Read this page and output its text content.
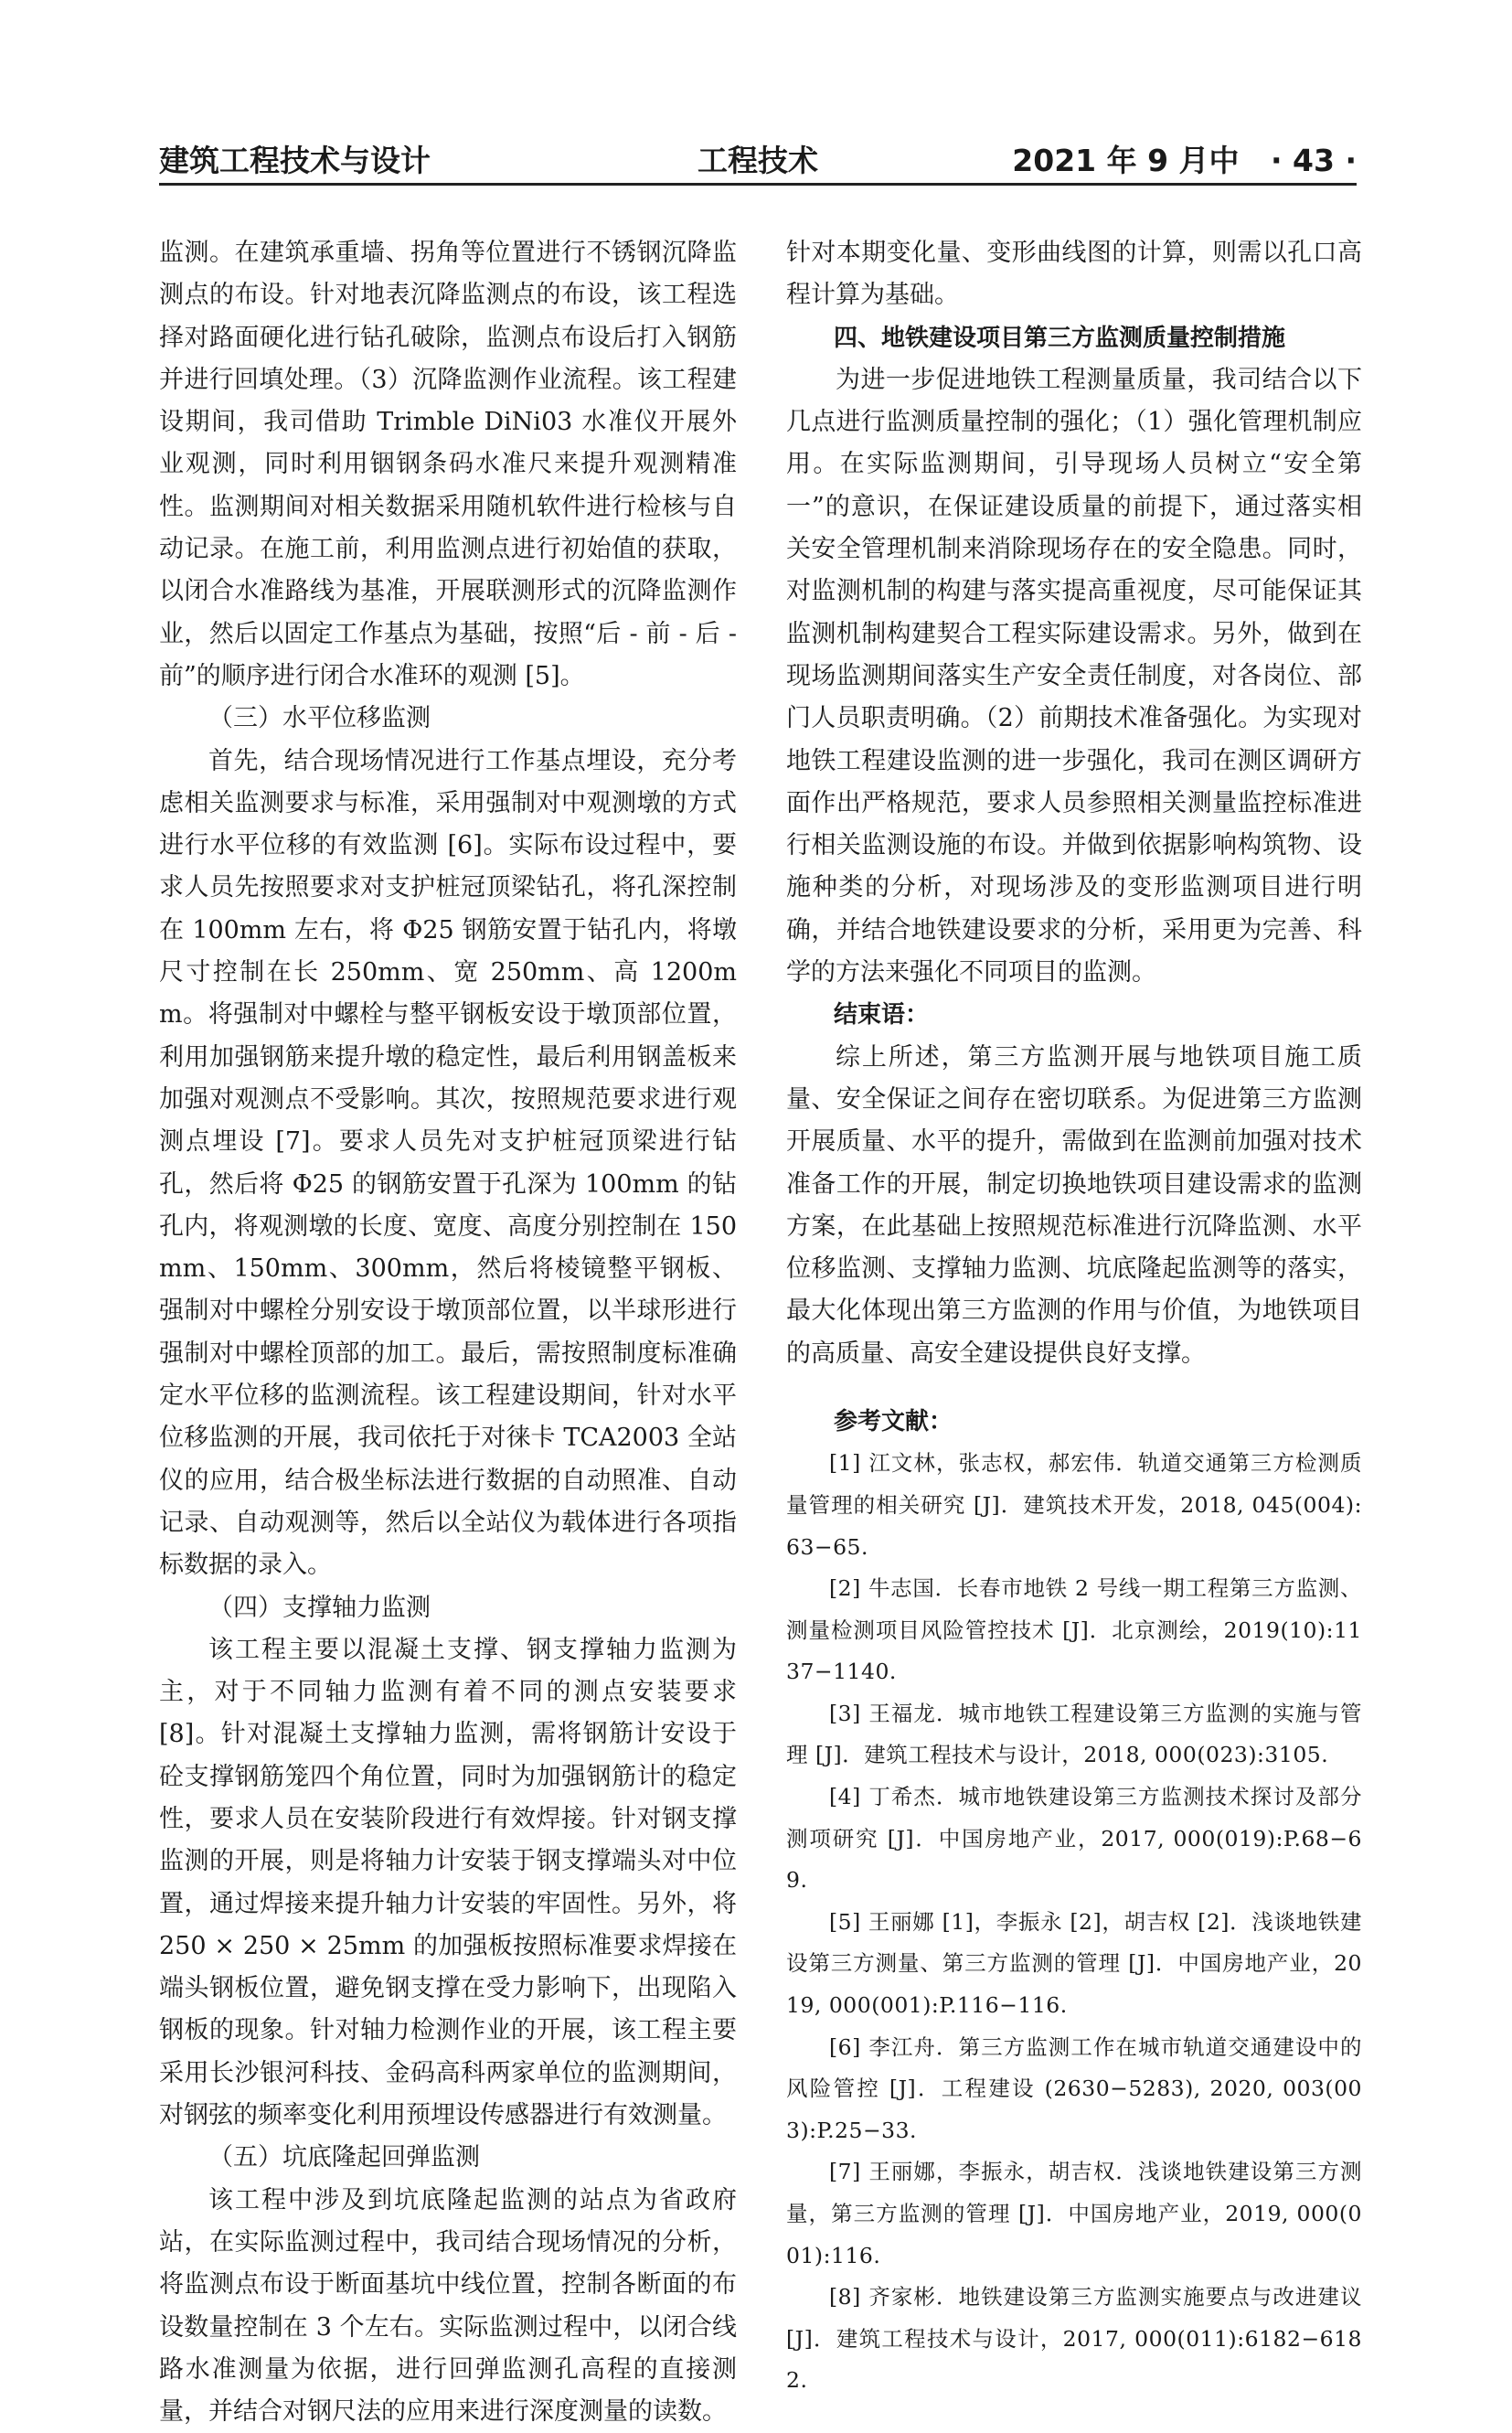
建筑工程技术与设计	工程技术	2021 年 9 月中 · 43 ·

监测。在建筑承重墙、拐角等位置进行不锈钢沉降监测点的布设。针对地表沉降监测点的布设，该工程选择对路面硬化进行钻孔破除，监测点布设后打入钢筋并进行回填处理。（3）沉降监测作业流程。该工程建设期间，我司借助 Trimble DiNi03 水准仪开展外业观测，同时利用铟钢条码水准尺来提升观测精准性。监测期间对相关数据采用随机软件进行检核与自动记录。在施工前，利用监测点进行初始值的获取，以闭合水准路线为基准，开展联测形式的沉降监测作业，然后以固定工作基点为基础，按照“后 - 前 - 后 - 前”的顺序进行闭合水准环的观测 [5]。

（三）水平位移监测

首先，结合现场情况进行工作基点埋设，充分考虑相关监测要求与标准，采用强制对中观测墩的方式进行水平位移的有效监测 [6]。实际布设过程中，要求人员先按照要求对支护桩冠顶梁钻孔，将孔深控制在 100mm 左右，将 Φ25 钢筋安置于钻孔内，将墩尺寸控制在长 250mm、宽 250mm、高 1200mm。将强制对中螺栓与整平钢板安设于墩顶部位置，利用加强钢筋来提升墩的稳定性，最后利用钢盖板来加强对观测点不受影响。其次，按照规范要求进行观测点埋设 [7]。要求人员先对支护桩冠顶梁进行钻孔，然后将 Φ25 的钢筋安置于孔深为 100mm 的钻孔内，将观测墩的长度、宽度、高度分别控制在 150mm、150mm、300mm，然后将棱镜整平钢板、强制对中螺栓分别安设于墩顶部位置，以半球形进行强制对中螺栓顶部的加工。最后，需按照制度标准确定水平位移的监测流程。该工程建设期间，针对水平位移监测的开展，我司依托于对徕卡 TCA2003 全站仪的应用，结合极坐标法进行数据的自动照准、自动记录、自动观测等，然后以全站仪为载体进行各项指标数据的录入。

（四）支撑轴力监测

该工程主要以混凝土支撑、钢支撑轴力监测为主，对于不同轴力监测有着不同的测点安装要求 [8]。针对混凝土支撑轴力监测，需将钢筋计安设于砼支撑钢筋笼四个角位置，同时为加强钢筋计的稳定性，要求人员在安装阶段进行有效焊接。针对钢支撑监测的开展，则是将轴力计安装于钢支撑端头对中位置，通过焊接来提升轴力计安装的牢固性。另外，将 250 × 250 × 25mm 的加强板按照标准要求焊接在端头钢板位置，避免钢支撑在受力影响下，出现陷入钢板的现象。针对轴力检测作业的开展，该工程主要采用长沙银河科技、金码高科两家单位的监测期间，对钢弦的频率变化利用预埋设传感器进行有效测量。

（五）坑底隆起回弹监测

该工程中涉及到坑底隆起监测的站点为省政府站，在实际监测过程中，我司结合现场情况的分析，将监测点布设于断面基坑中线位置，控制各断面的布设数量控制在 3 个左右。实际监测过程中，以闭合线路水准测量为依据，进行回弹监测孔高程的直接测量，并结合对钢尺法的应用来进行深度测量的读数。

针对本期变化量、变形曲线图的计算，则需以孔口高程计算为基础。

四、地铁建设项目第三方监测质量控制措施

为进一步促进地铁工程测量质量，我司结合以下几点进行监测质量控制的强化；（1）强化管理机制应用。在实际监测期间，引导现场人员树立“安全第一”的意识，在保证建设质量的前提下，通过落实相关安全管理机制来消除现场存在的安全隐患。同时，对监测机制的构建与落实提高重视度，尽可能保证其监测机制构建契合工程实际建设需求。另外，做到在现场监测期间落实生产安全责任制度，对各岗位、部门人员职责明确。（2）前期技术准备强化。为实现对地铁工程建设监测的进一步强化，我司在测区调研方面作出严格规范，要求人员参照相关测量监控标准进行相关监测设施的布设。并做到依据影响构筑物、设施种类的分析，对现场涉及的变形监测项目进行明确，并结合地铁建设要求的分析，采用更为完善、科学的方法来强化不同项目的监测。

结束语：

综上所述，第三方监测开展与地铁项目施工质量、安全保证之间存在密切联系。为促进第三方监测开展质量、水平的提升，需做到在监测前加强对技术准备工作的开展，制定切换地铁项目建设需求的监测方案，在此基础上按照规范标准进行沉降监测、水平位移监测、支撑轴力监测、坑底隆起监测等的落实，最大化体现出第三方监测的作用与价值，为地铁项目的高质量、高安全建设提供良好支撑。

参考文献：

[1] 江文林，张志权，郝宏伟．轨道交通第三方检测质量管理的相关研究 [J]．建筑技术开发，2018, 045(004):63−65.

[2] 牛志国．长春市地铁 2 号线一期工程第三方监测、测量检测项目风险管控技术 [J]．北京测绘，2019(10):1137−1140.

[3] 王福龙．城市地铁工程建设第三方监测的实施与管理 [J]．建筑工程技术与设计，2018, 000(023):3105.

[4] 丁希杰．城市地铁建设第三方监测技术探讨及部分测项研究 [J]．中国房地产业，2017, 000(019):P.68−69.

[5] 王丽娜 [1]，李振永 [2]，胡吉权 [2]．浅谈地铁建设第三方测量、第三方监测的管理 [J]．中国房地产业，2019, 000(001):P.116−116.

[6] 李江舟．第三方监测工作在城市轨道交通建设中的风险管控 [J]．工程建设 (2630−5283), 2020, 003(003):P.25−33.

[7] 王丽娜，李振永，胡吉权．浅谈地铁建设第三方测量，第三方监测的管理 [J]．中国房地产业，2019, 000(001):116.

[8] 齐家彬．地铁建设第三方监测实施要点与改进建议 [J]．建筑工程技术与设计，2017, 000(011):6182−6182.
